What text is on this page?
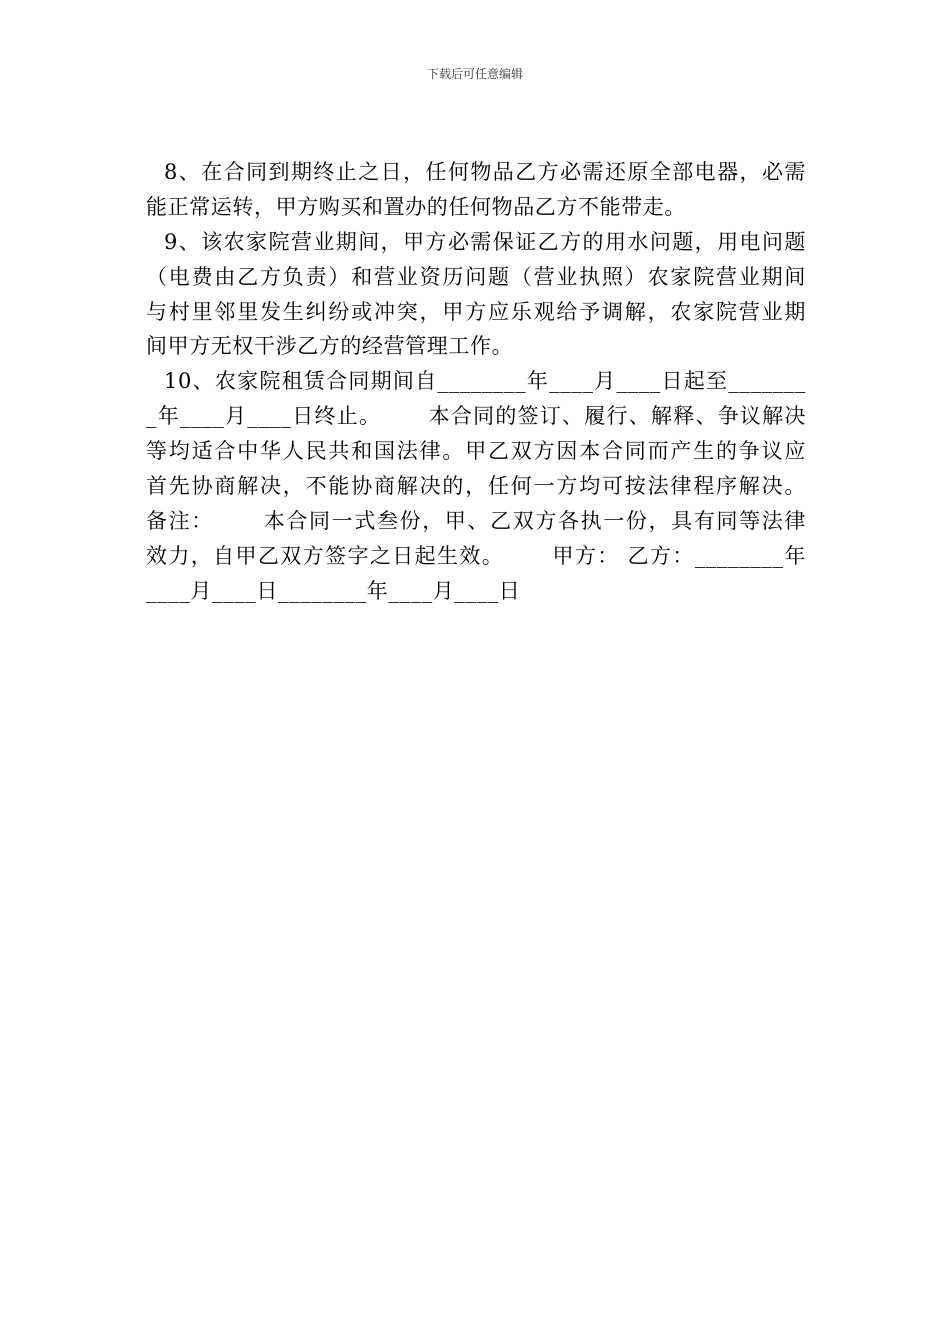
下载后可任意编辑
8、在合同到期终止之日，任何物品乙方必需还原全部电器，必需
能正常运转，甲方购买和置办的任何物品乙方不能带走。
9、该农家院营业期间，甲方必需保证乙方的用水问题，用电问题
（电费由乙方负责）和营业资历问题（营业执照）农家院营业期间
与村里邻里发生纠纷或冲突，甲方应乐观给予调解，农家院营业期
间甲方无权干涉乙方的经营管理工作。
10、农家院租赁合同期间自________年____月____日起至_______
_年____月____日终止。      本合同的签订、履行、解释、争议解决
等均适合中华人民共和国法律。甲乙双方因本合同而产生的争议应
首先协商解决，不能协商解决的，任何一方均可按法律程序解决。
备注：      本合同一式叁份，甲、乙双方各执一份，具有同等法律
效力，自甲乙双方签字之日起生效。      甲方： 乙方：________年
____月____日________年____月____日
